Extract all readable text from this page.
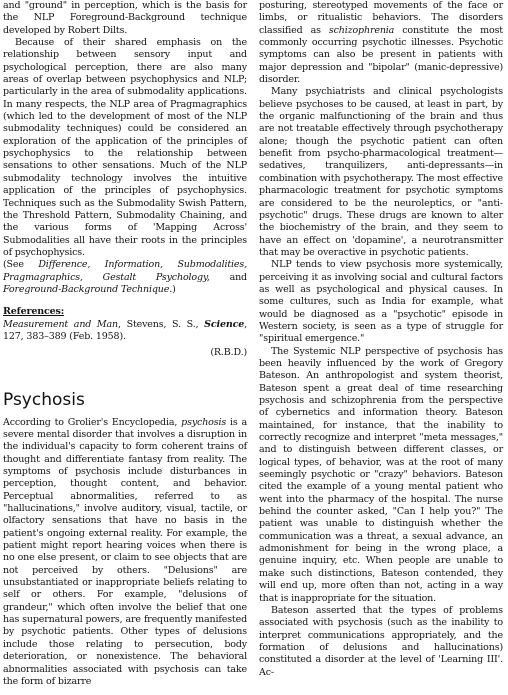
and "ground" in perception, which is the basis for the NLP Foreground-Background technique developed by Robert Dilts.

Because of their shared emphasis on the relationship between sensory input and psychological perception, there are also many areas of overlap between psychophysics and NLP; particularly in the area of submodality applications. In many respects, the NLP area of Pragmagraphics (which led to the development of most of the NLP submodality techniques) could be considered an exploration of the application of the principles of psychophysics to the relationship between sensations to other sensations. Much of the NLP submodality technology involves the intuitive application of the principles of psychophysics. Techniques such as the Submodality Swish Pattern, the Threshold Pattern, Submodality Chaining, and the various forms of 'Mapping Across' Submodalities all have their roots in the principles of psychophysics.

(See Difference, Information, Submodalities, Pragmagraphics, Gestalt Psychology, and Foreground-Background Technique.)

References:

Measurement and Man, Stevens, S. S., Science, 127, 383–389 (Feb. 1958).

(R.B.D.)

Psychosis

According to Grolier's Encyclopedia, psychosis is a severe mental disorder that involves a disruption in the individual's capacity to form coherent trains of thought and differentiate fantasy from reality. The symptoms of psychosis include disturbances in perception, thought content, and behavior. Perceptual abnormalities, referred to as "hallucinations," involve auditory, visual, tactile, or olfactory sensations that have no basis in the patient's ongoing external reality. For example, the patient might report hearing voices when there is no one else present, or claim to see objects that are not perceived by others. "Delusions" are unsubstantiated or inappropriate beliefs relating to self or others. For example, "delusions of grandeur," which often involve the belief that one has supernatural powers, are frequently manifested by psychotic patients. Other types of delusions include those relating to persecution, body deterioration, or nonexistence. The behavioral abnormalities associated with psychosis can take the form of bizarre

posturing, stereotyped movements of the face or limbs, or ritualistic behaviors. The disorders classified as schizophrenia constitute the most commonly occurring psychotic illnesses. Psychotic symptoms can also be present in patients with major depression and "bipolar" (manic-depressive) disorder.

Many psychiatrists and clinical psychologists believe psychoses to be caused, at least in part, by the organic malfunctioning of the brain and thus are not treatable effectively through psychotherapy alone; though the psychotic patient can often benefit from psycho-pharmacological treatment—sedatives, tranquilizers, anti-depressants—in combination with psychotherapy. The most effective pharmacologic treatment for psychotic symptoms are considered to be the neuroleptics, or "anti-psychotic" drugs. These drugs are known to alter the biochemistry of the brain, and they seem to have an effect on 'dopamine', a neurotransmitter that may be overactive in psychotic patients.

NLP tends to view psychosis more systemically, perceiving it as involving social and cultural factors as well as psychological and physical causes. In some cultures, such as India for example, what would be diagnosed as a "psychotic" episode in Western society, is seen as a type of struggle for "spiritual emergence."

The Systemic NLP perspective of psychosis has been heavily influenced by the work of Gregory Bateson. An anthropologist and system theorist, Bateson spent a great deal of time researching psychosis and schizophrenia from the perspective of cybernetics and information theory. Bateson maintained, for instance, that the inability to correctly recognize and interpret "meta messages," and to distinguish between different classes, or logical types, of behavior, was at the root of many seemingly psychotic or "crazy" behaviors. Bateson cited the example of a young mental patient who went into the pharmacy of the hospital. The nurse behind the counter asked, "Can I help you?" The patient was unable to distinguish whether the communication was a threat, a sexual advance, an admonishment for being in the wrong place, a genuine inquiry, etc. When people are unable to make such distinctions, Bateson contended, they will end up, more often than not, acting in a way that is inappropriate for the situation.

Bateson asserted that the types of problems associated with psychosis (such as the inability to interpret communications appropriately, and the formation of delusions and hallucinations) constituted a disorder at the level of 'Learning III'. Ac-
